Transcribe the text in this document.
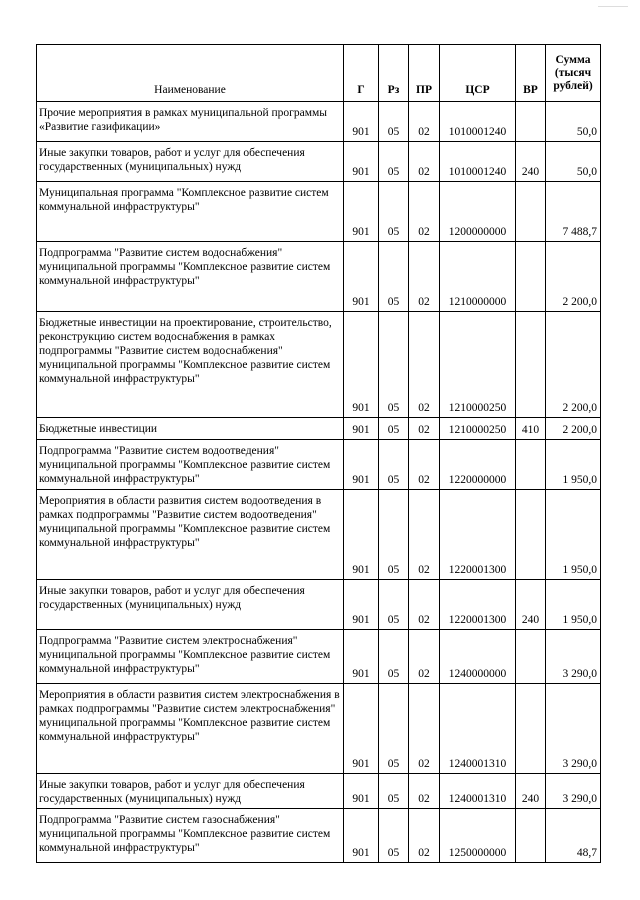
Наименование	Г	Рз	ПР	ЦСР	ВР	Сумма (тысяч рублей)
Прочие мероприятия в рамках муниципальной программы «Развитие газификации»	901	05	02	1010001240		50,0
Иные закупки товаров, работ и услуг для обеспечения государственных (муниципальных) нужд	901	05	02	1010001240	240	50,0
Муниципальная программа "Комплексное развитие систем коммунальной инфраструктуры"	901	05	02	1200000000		7 488,7
Подпрограмма "Развитие систем водоснабжения" муниципальной программы "Комплексное развитие систем коммунальной инфраструктуры"	901	05	02	1210000000		2 200,0
Бюджетные инвестиции на проектирование, строительство, реконструкцию систем водоснабжения в рамках подпрограммы "Развитие систем водоснабжения" муниципальной программы "Комплексное развитие систем коммунальной инфраструктуры"	901	05	02	1210000250		2 200,0
Бюджетные инвестиции	901	05	02	1210000250	410	2 200,0
Подпрограмма "Развитие систем водоотведения" муниципальной программы "Комплексное развитие систем коммунальной инфраструктуры"	901	05	02	1220000000		1 950,0
Мероприятия в области развития систем водоотведения в рамках подпрограммы "Развитие систем водоотведения" муниципальной программы "Комплексное развитие систем коммунальной инфраструктуры"	901	05	02	1220001300		1 950,0
Иные закупки товаров, работ и услуг для обеспечения государственных (муниципальных) нужд	901	05	02	1220001300	240	1 950,0
Подпрограмма "Развитие систем электроснабжения" муниципальной программы "Комплексное развитие систем коммунальной инфраструктуры"	901	05	02	1240000000		3 290,0
Мероприятия в области развития систем электроснабжения в рамках подпрограммы "Развитие систем электроснабжения" муниципальной программы "Комплексное развитие систем коммунальной инфраструктуры"	901	05	02	1240001310		3 290,0
Иные закупки товаров, работ и услуг для обеспечения государственных (муниципальных) нужд	901	05	02	1240001310	240	3 290,0
Подпрограмма "Развитие систем газоснабжения" муниципальной программы "Комплексное развитие систем коммунальной инфраструктуры"	901	05	02	1250000000		48,7
